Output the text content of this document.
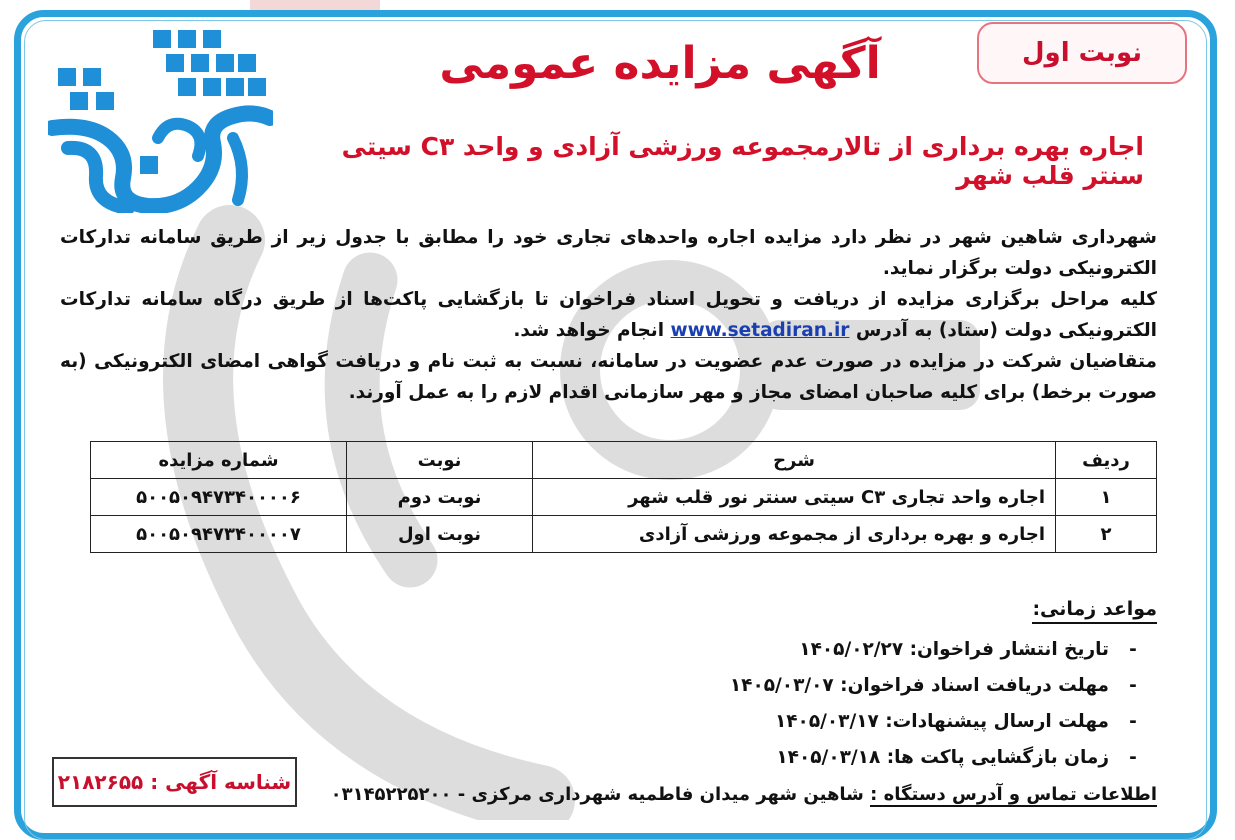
نوبت اول
آگهی مزایده عمومی
اجاره بهره برداری از تالارمجموعه ورزشی آزادی و واحد C۳ سیتی سنتر قلب شهر

شهرداری شاهین شهر در نظر دارد مزایده اجاره واحدهای تجاری خود را مطابق با جدول زیر از طریق سامانه تدارکات الکترونیکی دولت برگزار نماید.

کلیه مراحل برگزاری مزایده از دریافت و تحویل اسناد فراخوان تا بازگشایی پاکت‌ها از طریق درگاه سامانه تدارکات الکترونیکی دولت (ستاد) به آدرس www.setadiran.ir انجام خواهد شد.

متقاضیان شرکت در مزایده در صورت عدم عضویت در سامانه، نسبت به ثبت نام و دریافت گواهی امضای الکترونیکی (به صورت برخط) برای کلیه صاحبان امضای مجاز و مهر سازمانی اقدام لازم را به عمل آورند.

ردیف	شرح	نوبت	شماره مزایده
۱	اجاره واحد تجاری C۳ سیتی سنتر نور قلب شهر	نوبت دوم	۵۰۰۵۰۹۴۷۳۴۰۰۰۰۶
۲	اجاره و بهره برداری از مجموعه ورزشی آزادی	نوبت اول	۵۰۰۵۰۹۴۷۳۴۰۰۰۰۷
مواعد زمانی:
-تاریخ انتشار فراخوان: ۱۴۰۵/۰۲/۲۷
-مهلت دریافت اسناد فراخوان: ۱۴۰۵/۰۳/۰۷
-مهلت ارسال پیشنهادات: ۱۴۰۵/۰۳/۱۷
-زمان بازگشایی پاکت ها: ۱۴۰۵/۰۳/۱۸
شناسه آگهی : ۲۱۸۲۶۵۵
اطلاعات تماس و آدرس دستگاه : شاهین شهر میدان فاطمیه شهرداری مرکزی - ۰۳۱۴۵۲۲۵۲۰۰
